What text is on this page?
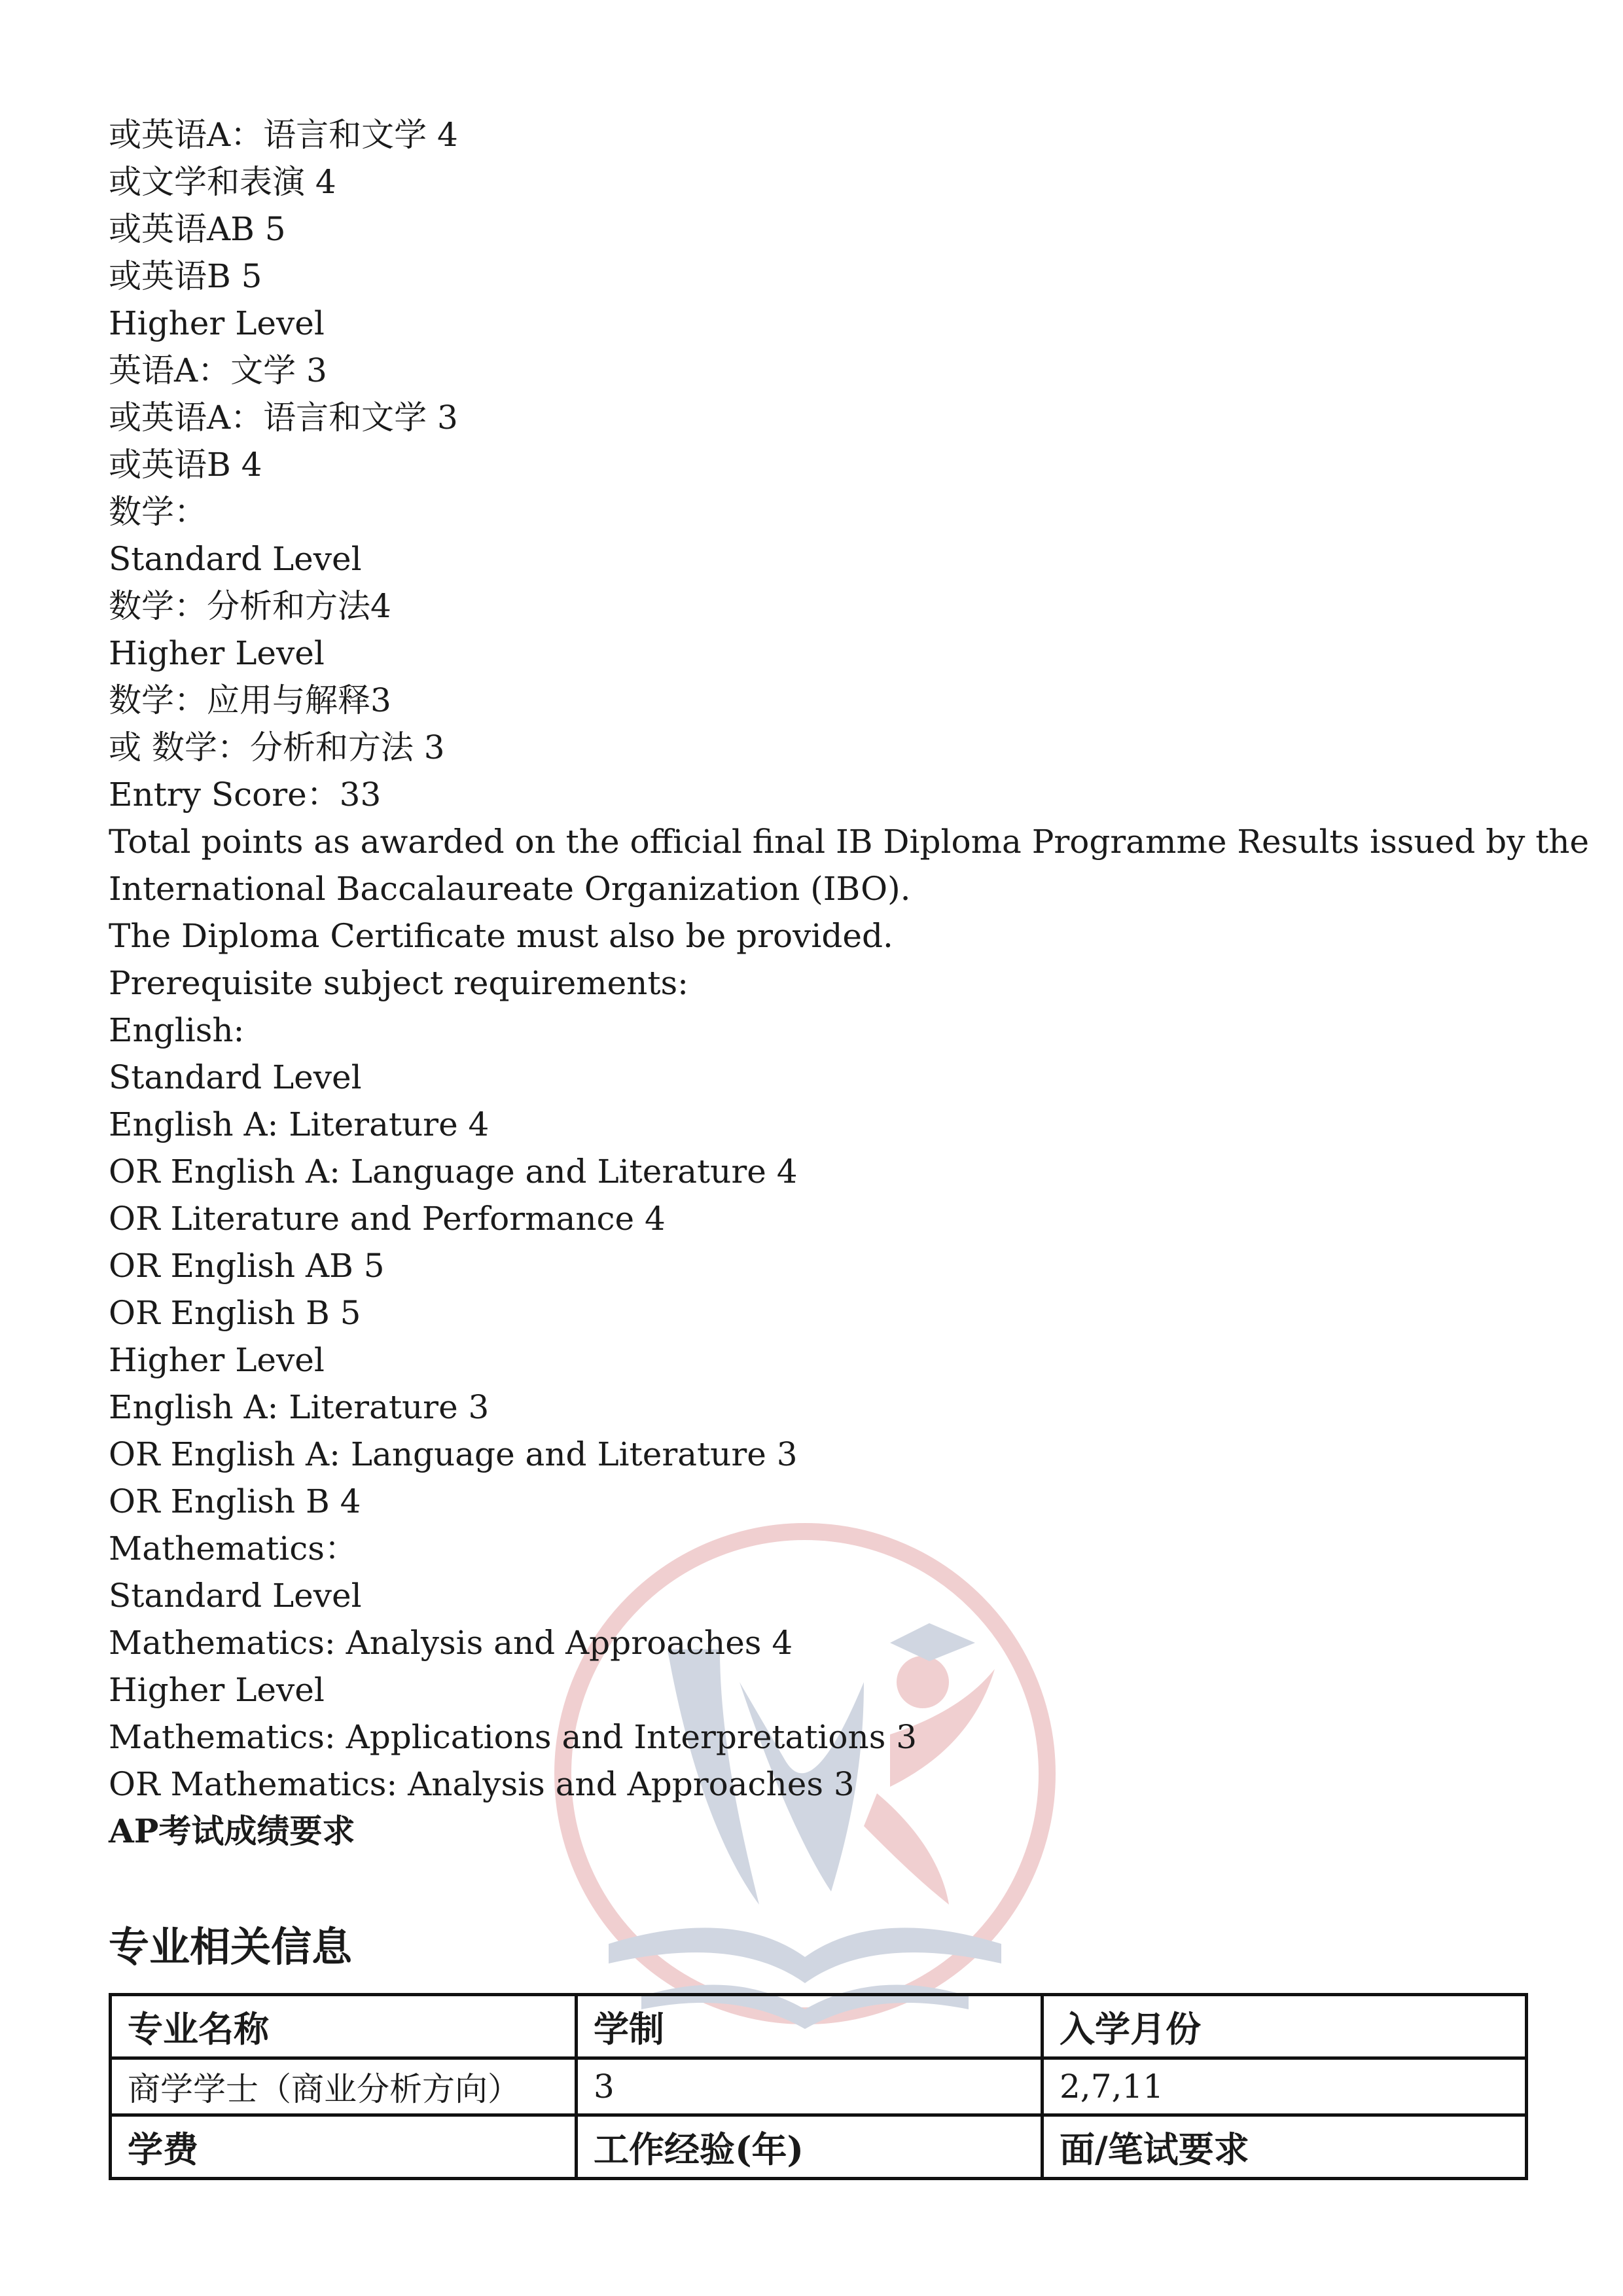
或英语A：语言和文学 4
或文学和表演 4
或英语AB 5
或英语B 5
Higher Level
英语A：文学 3
或英语A：语言和文学 3
或英语B 4
数学：
Standard Level
数学：分析和方法4
Higher Level
数学：应用与解释3
或 数学：分析和方法 3
Entry Score：33
Total points as awarded on the official final IB Diploma Programme Results issued by the
International Baccalaureate Organization (IBO).
The Diploma Certificate must also be provided.
Prerequisite subject requirements:
English:
Standard Level
English A: Literature 4
OR English A: Language and Literature 4
OR Literature and Performance 4
OR English AB 5
OR English B 5
Higher Level
English A: Literature 3
OR English A: Language and Literature 3
OR English B 4
Mathematics：
Standard Level
Mathematics: Analysis and Approaches 4
Higher Level
Mathematics: Applications and Interpretations 3
OR Mathematics: Analysis and Approaches 3
AP考试成绩要求
专业相关信息
专业名称	学制	入学月份
商学学士（商业分析方向）	3	2,7,11
学费	工作经验(年)	面/笔试要求
